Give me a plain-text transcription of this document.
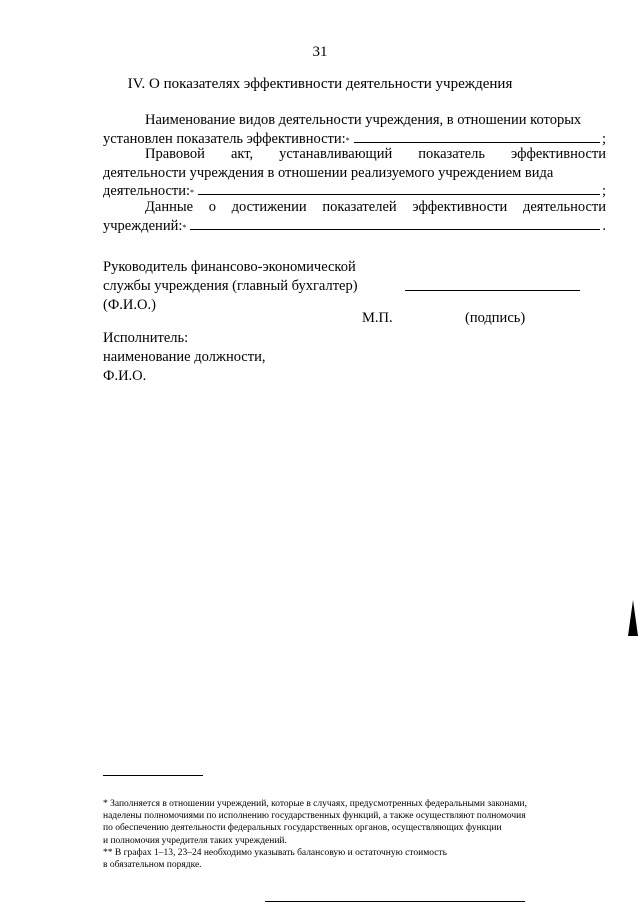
31
IV. О показателях эффективности деятельности учреждения
Наименование видов деятельности учреждения, в отношении которых
установлен показатель эффективности: *	;
Правовой акт, устанавливающий показатель эффективности
деятельности учреждения в отношении реализуемого учреждением вида
деятельности: *	;
Данные о достижении показателей эффективности деятельности
учреждений: *	.
Руководитель финансово-экономической
службы учреждения (главный бухгалтер)
(Ф.И.О.)
М.П.	(подпись)
Исполнитель:
наименование должности,
Ф.И.О.
* Заполняется в отношении учреждений, которые в случаях, предусмотренных федеральными законами,
наделены полномочиями по исполнению государственных функций, а также осуществляют полномочия
по обеспечению деятельности федеральных государственных органов, осуществляющих функции
и полномочия учредителя таких учреждений.
** В графах 1–13, 23–24 необходимо указывать балансовую и остаточную стоимость
в обязательном порядке.
